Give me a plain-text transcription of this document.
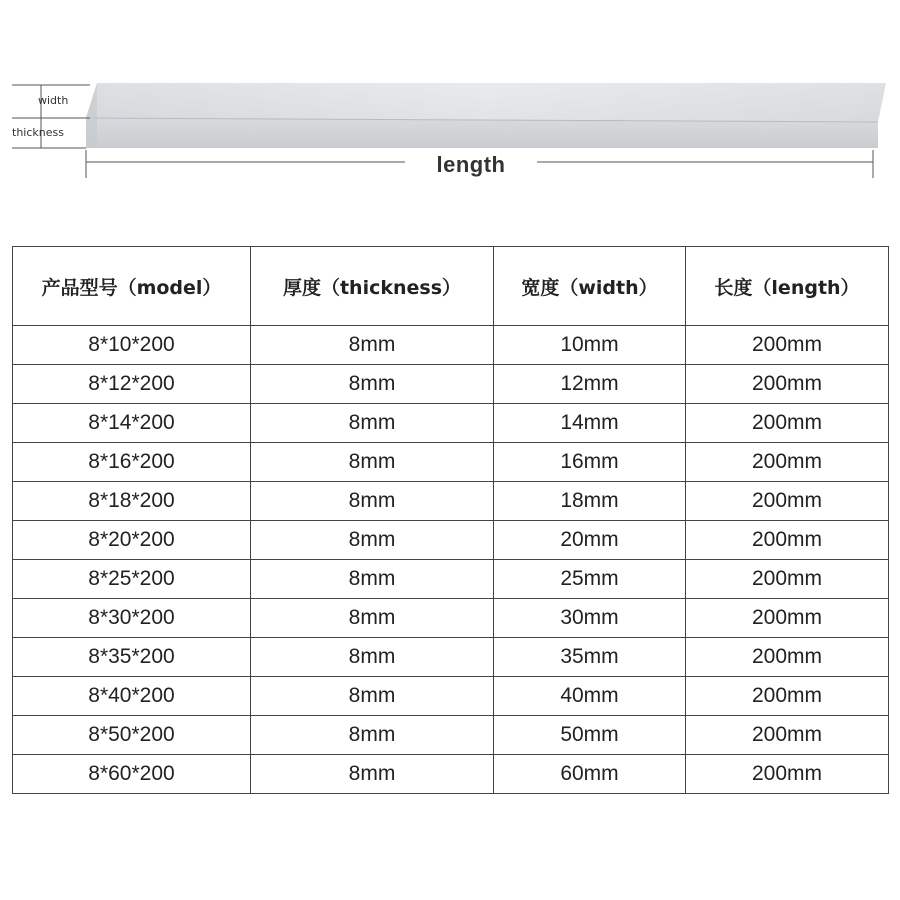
width
thickness
length
产品型号（model）	厚度（thickness）	宽度（width）	长度（length）
8*10*200	8mm	10mm	200mm
8*12*200	8mm	12mm	200mm
8*14*200	8mm	14mm	200mm
8*16*200	8mm	16mm	200mm
8*18*200	8mm	18mm	200mm
8*20*200	8mm	20mm	200mm
8*25*200	8mm	25mm	200mm
8*30*200	8mm	30mm	200mm
8*35*200	8mm	35mm	200mm
8*40*200	8mm	40mm	200mm
8*50*200	8mm	50mm	200mm
8*60*200	8mm	60mm	200mm
